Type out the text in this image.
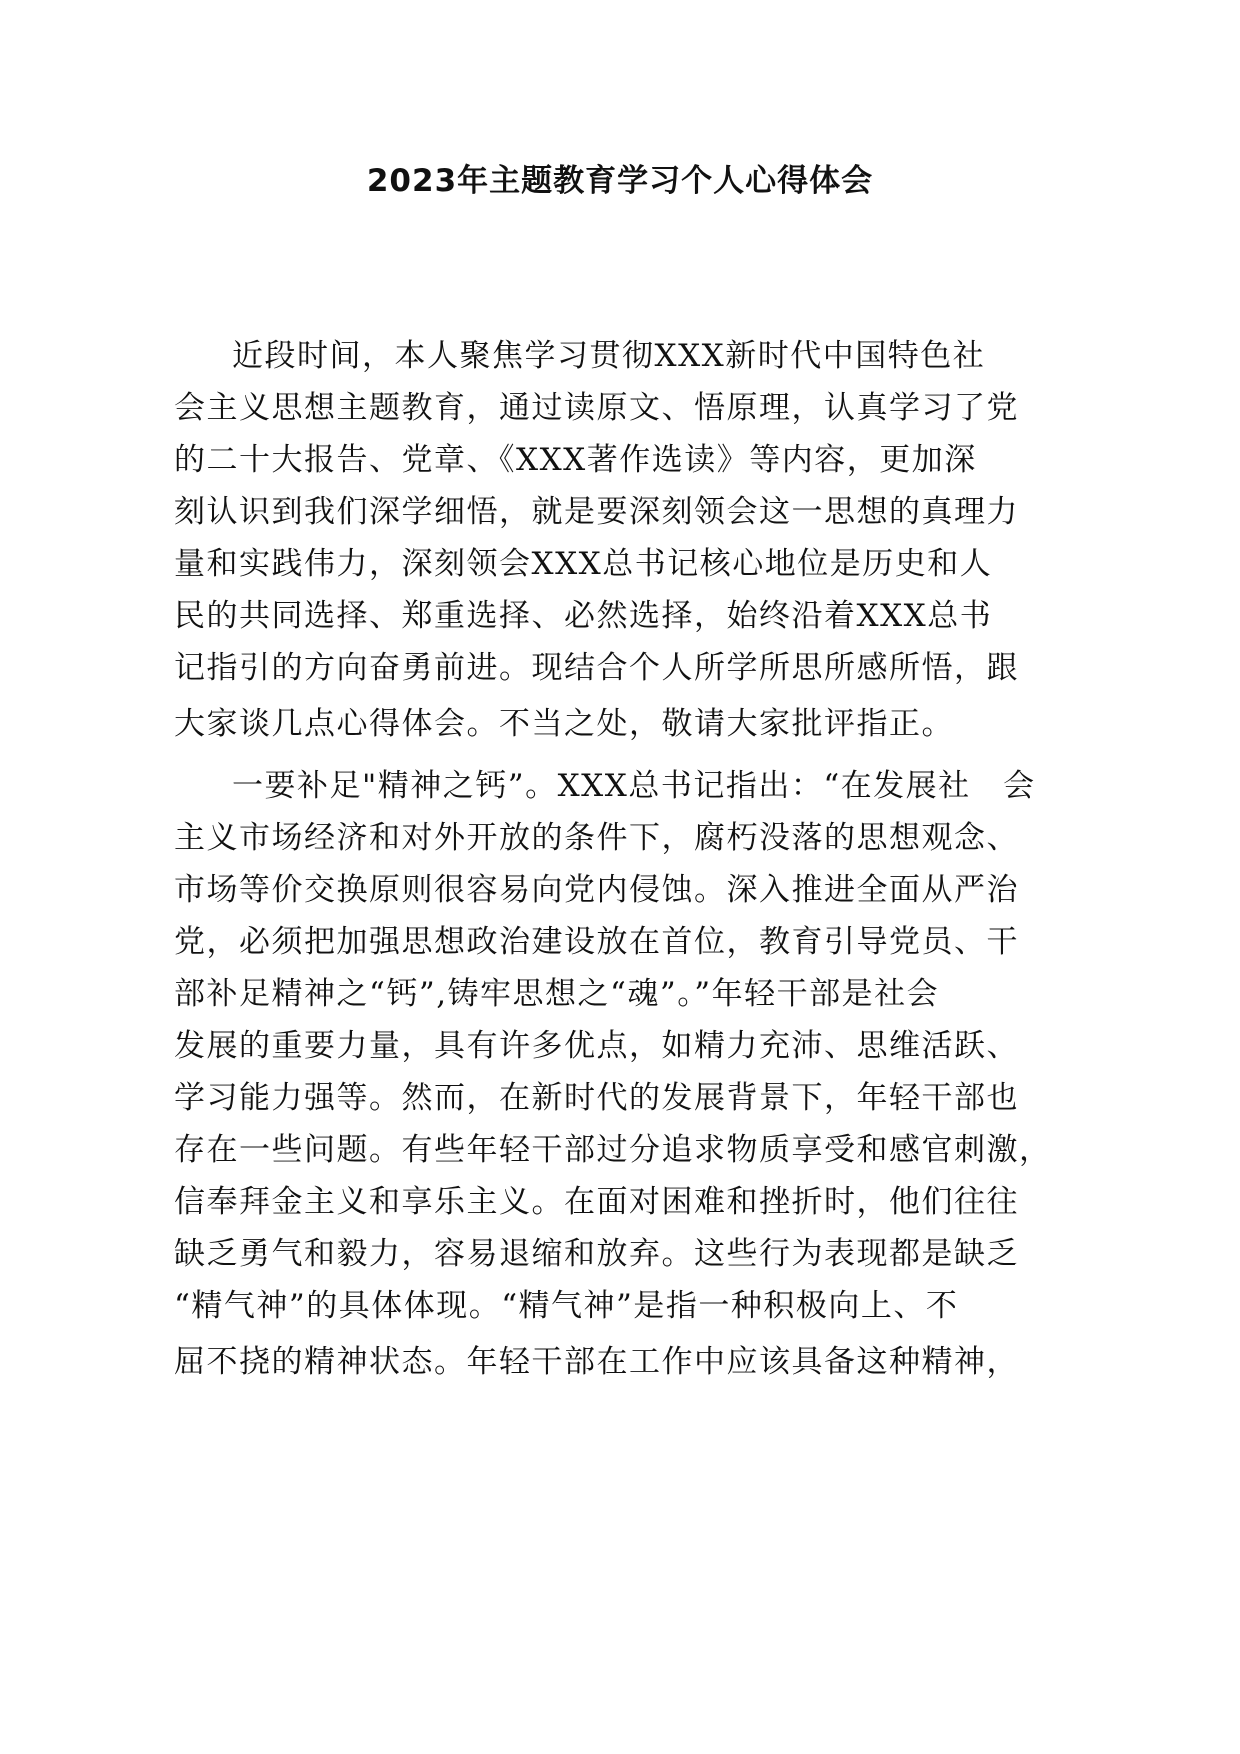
2023年主题教育学习个人心得体会
近段时间，本人聚焦学习贯彻XXX新时代中国特色社
会主义思想主题教育，通过读原文、悟原理，认真学习了党
的二十大报告、党章、《XXX著作选读》等内容，更加深
刻认识到我们深学细悟，就是要深刻领会这一思想的真理力
量和实践伟力，深刻领会XXX总书记核心地位是历史和人
民的共同选择、郑重选择、必然选择，始终沿着XXX总书
记指引的方向奋勇前进。现结合个人所学所思所感所悟，跟
大家谈几点心得体会。不当之处，敬请大家批评指正。
一要补足"精神之钙”。XXX总书记指出：“在发展社　会
主义市场经济和对外开放的条件下，腐朽没落的思想观念、
市场等价交换原则很容易向党内侵蚀。深入推进全面从严治
党，必须把加强思想政治建设放在首位，教育引导党员、干
部补足精神之“钙”,铸牢思想之“魂”。”年轻干部是社会
发展的重要力量，具有许多优点，如精力充沛、思维活跃、
学习能力强等。然而，在新时代的发展背景下，年轻干部也
存在一些问题。有些年轻干部过分追求物质享受和感官刺激，
信奉拜金主义和享乐主义。在面对困难和挫折时，他们往往
缺乏勇气和毅力，容易退缩和放弃。这些行为表现都是缺乏
“精气神”的具体体现。“精气神”是指一种积极向上、不
屈不挠的精神状态。年轻干部在工作中应该具备这种精神，
